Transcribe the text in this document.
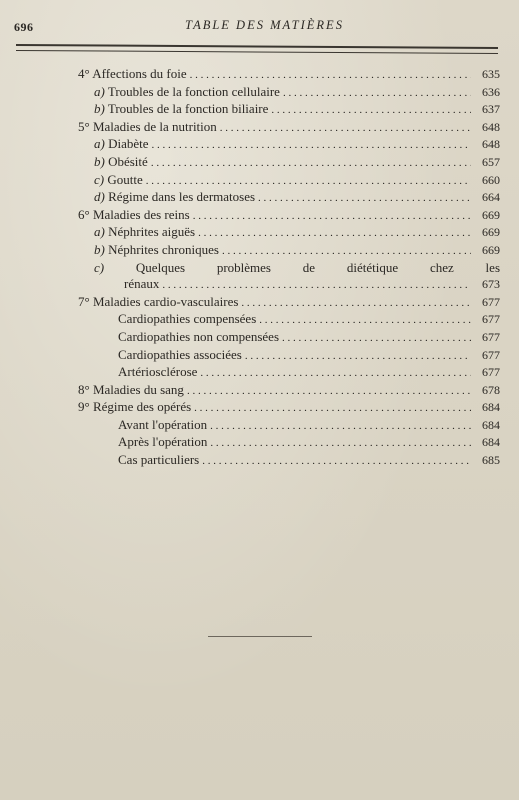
696	TABLE DES MATIÈRES
4° Affections du foie . . .	635
a) Troubles de la fonction cellulaire . . .	636
b) Troubles de la fonction biliaire . . .	637
5° Maladies de la nutrition . . .	648
a) Diabète . . .	648
b) Obésité . . .	657
c) Goutte . . .	660
d) Régime dans les dermatoses . . .	664
6° Maladies des reins . . .	669
a) Néphrites aiguës . . .	669
b) Néphrites chroniques . . .	669
c) Quelques problèmes de diététique chez les
rénaux . . .	673
7° Maladies cardio-vasculaires . . .	677
Cardiopathies compensées . . .	677
Cardiopathies non compensées . . .	677
Cardiopathies associées . . .	677
Artériosclérose . . .	677
8° Maladies du sang . . .	678
9° Régime des opérés . . .	684
Avant l'opération . . .	684
Après l'opération . . .	684
Cas particuliers . . .	685
